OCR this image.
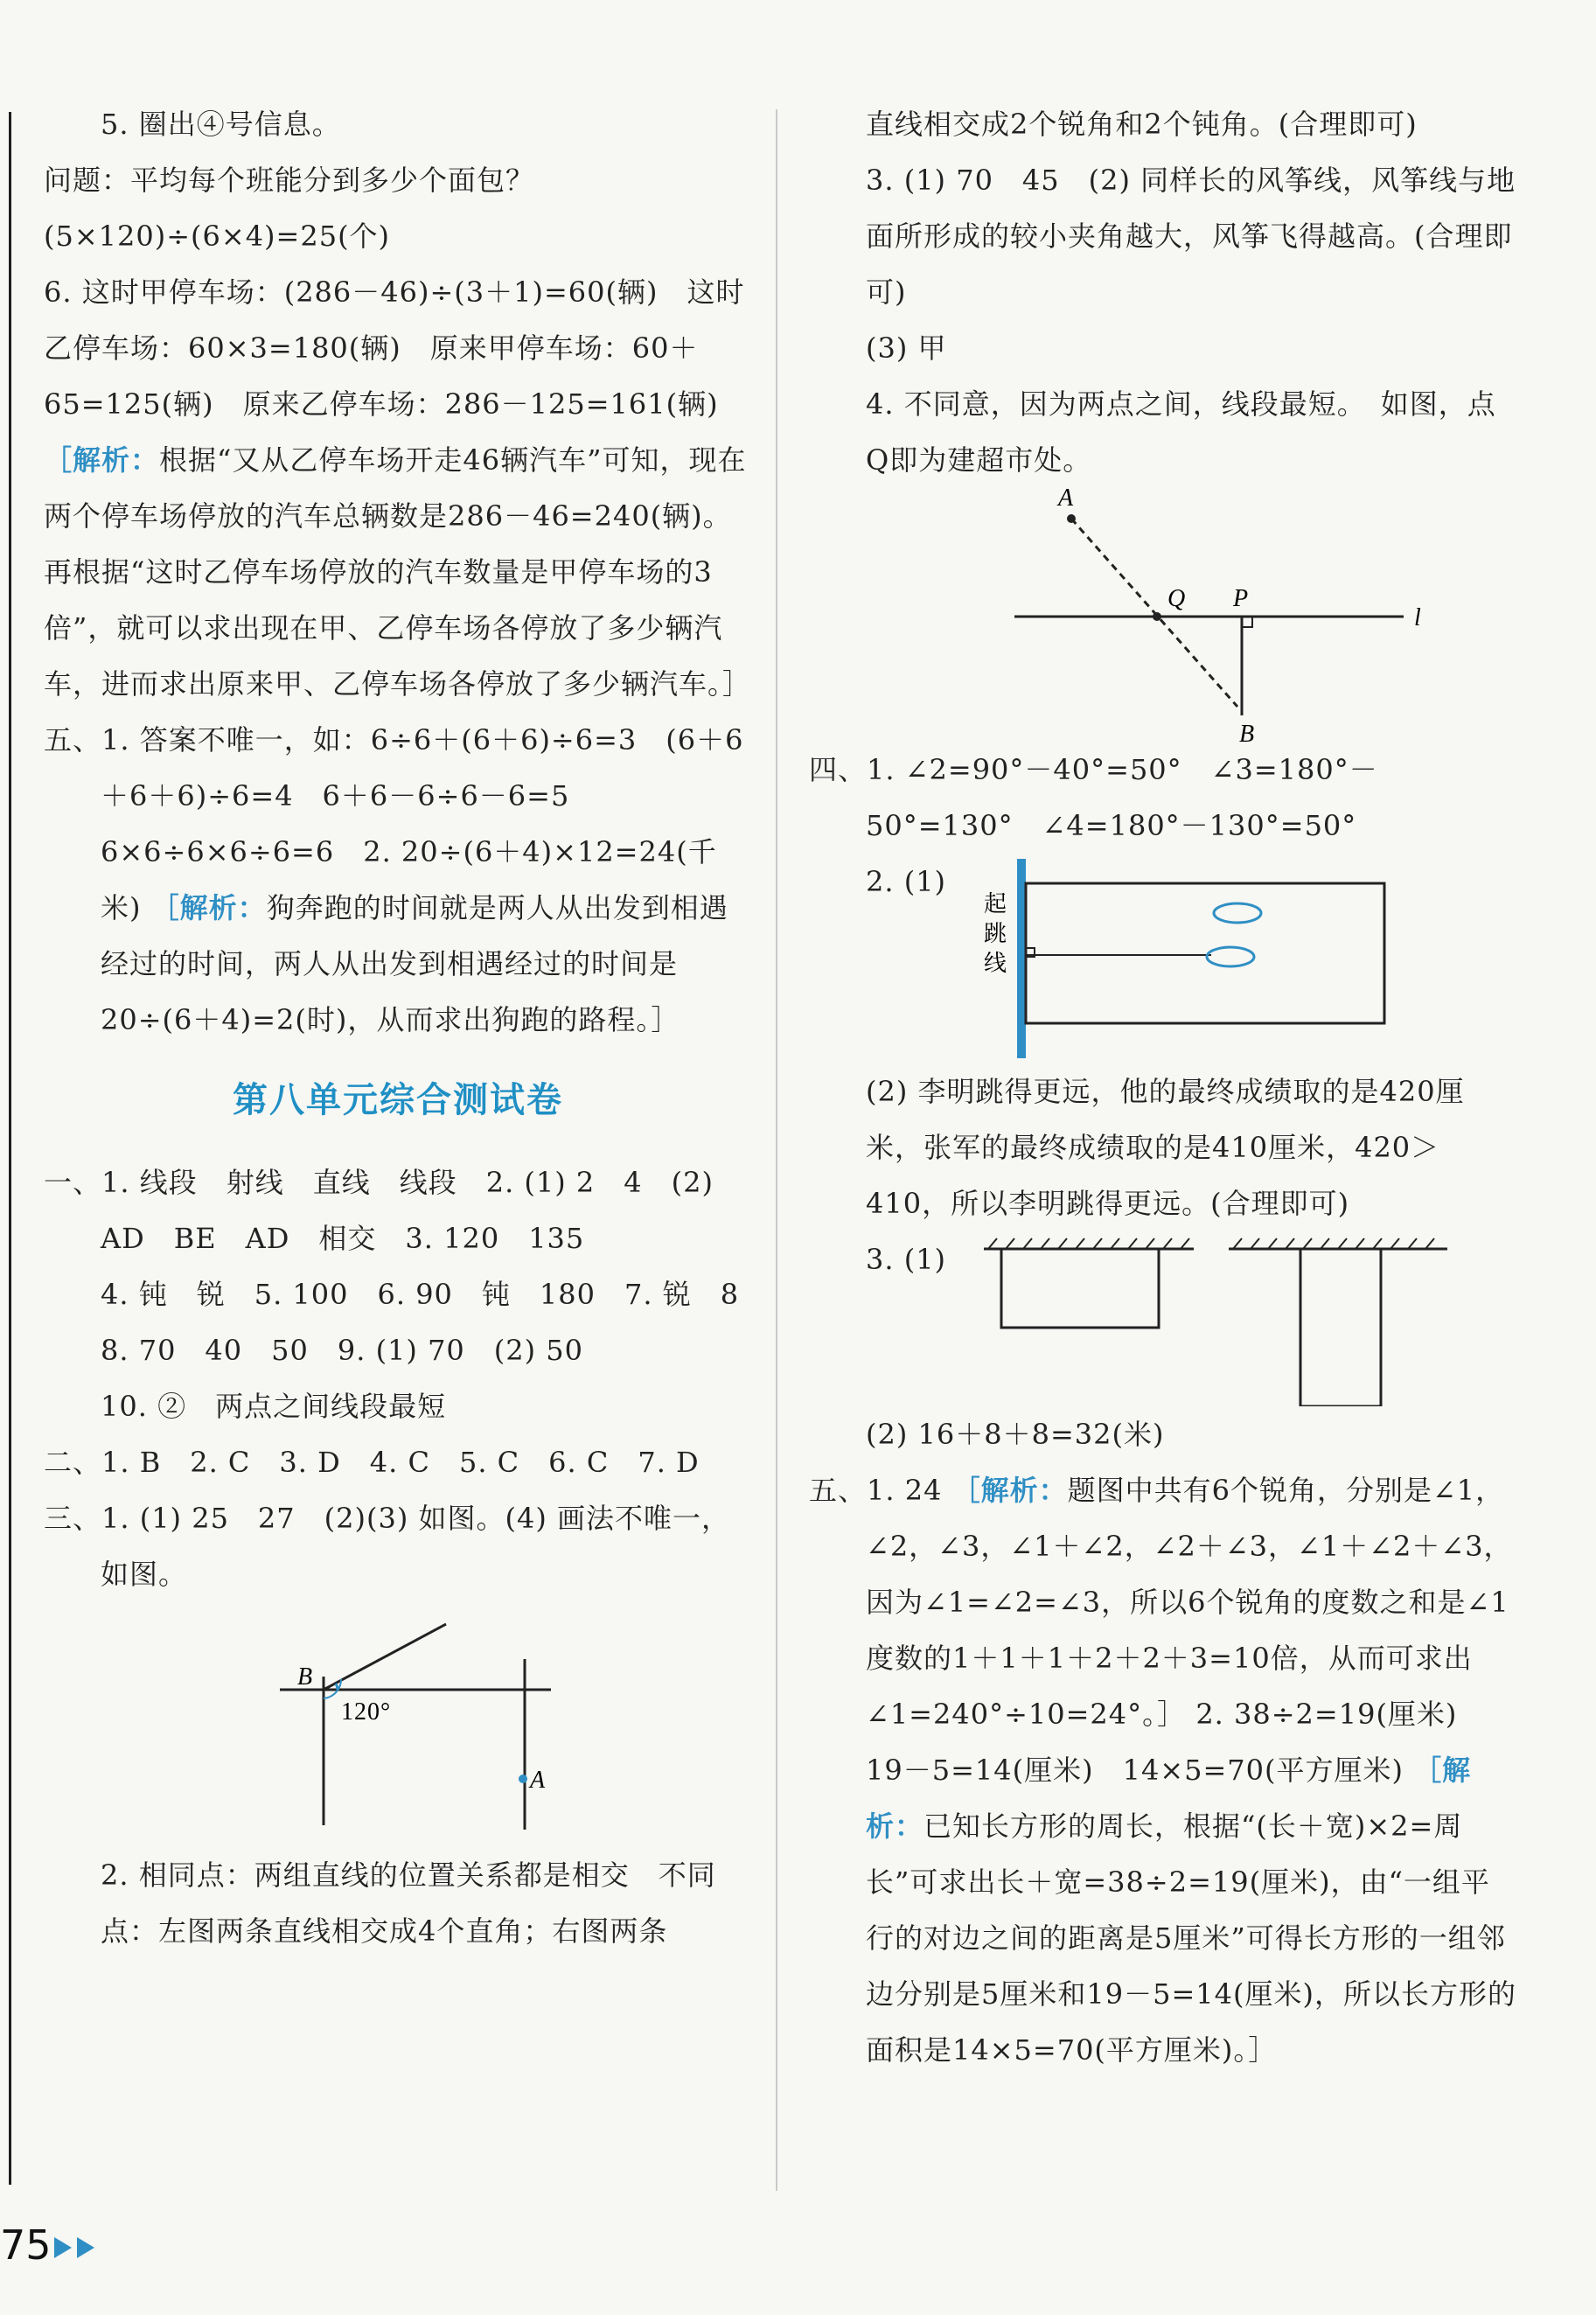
5. 圈出④号信息。
问题：平均每个班能分到多少个面包？
(5×120)÷(6×4)=25(个)
6. 这时甲停车场：(286－46)÷(3＋1)=60(辆)　这时乙停车场：60×3=180(辆)　原来甲停车场：60＋65=125(辆)　原来乙停车场：286－125=161(辆) ［解析：根据“又从乙停车场开走46辆汽车”可知，现在两个停车场停放的汽车总辆数是286－46=240(辆)。再根据“这时乙停车场停放的汽车数量是甲停车场的3倍”，就可以求出现在甲、乙停车场各停放了多少辆汽车，进而求出原来甲、乙停车场各停放了多少辆汽车。］
五、1. 答案不唯一，如：6÷6＋(6＋6)÷6=3　(6＋6＋6＋6)÷6=4　6＋6－6÷6－6=5　6×6÷6×6÷6=6　2. 20÷(6＋4)×12=24(千米) ［解析：狗奔跑的时间就是两人从出发到相遇经过的时间，两人从出发到相遇经过的时间是20÷(6＋4)=2(时)，从而求出狗跑的路程。］
第八单元综合测试卷
一、1. 线段　射线　直线　线段　2. (1) 2　4　(2) AD　BE　AD　相交　3. 120　135
4. 钝　锐　5. 100　6. 90　钝　180　7. 锐　8　8. 70　40　50　9. (1) 70　(2) 50
10. ②　两点之间线段最短
二、1. B　2. C　3. D　4. C　5. C　6. C　7. D
三、1. (1) 25　27　(2)(3) 如图。(4) 画法不唯一，如图。
B
120°
A
2. 相同点：两组直线的位置关系都是相交　不同点：左图两条直线相交成4个直角；右图两条
直线相交成2个锐角和2个钝角。(合理即可)
3. (1) 70　45　(2) 同样长的风筝线，风筝线与地面所形成的较小夹角越大，风筝飞得越高。(合理即可)
(3) 甲
4. 不同意，因为两点之间，线段最短。　如图，点Q即为建超市处。
A
Q P
l
B
四、1. ∠2=90°－40°=50°　∠3=180°－50°=130°　∠4=180°－130°=50°
2. (1)
起
跳
线
(2) 李明跳得更远，他的最终成绩取的是420厘米，张军的最终成绩取的是410厘米，420＞410，所以李明跳得更远。(合理即可)
3. (1)
(2) 16＋8＋8=32(米)
五、1. 24 ［解析：题图中共有6个锐角，分别是∠1，∠2，∠3，∠1＋∠2，∠2＋∠3，∠1＋∠2＋∠3，因为∠1=∠2=∠3，所以6个锐角的度数之和是∠1度数的1＋1＋1＋2＋2＋3=10倍，从而可求出∠1=240°÷10=24°。］ 2. 38÷2=19(厘米)　19－5=14(厘米)　14×5=70(平方厘米) ［解析：已知长方形的周长，根据“(长＋宽)×2=周长”可求出长＋宽=38÷2=19(厘米)，由“一组平行的对边之间的距离是5厘米”可得长方形的一组邻边分别是5厘米和19－5=14(厘米)，所以长方形的面积是14×5=70(平方厘米)。］
75
